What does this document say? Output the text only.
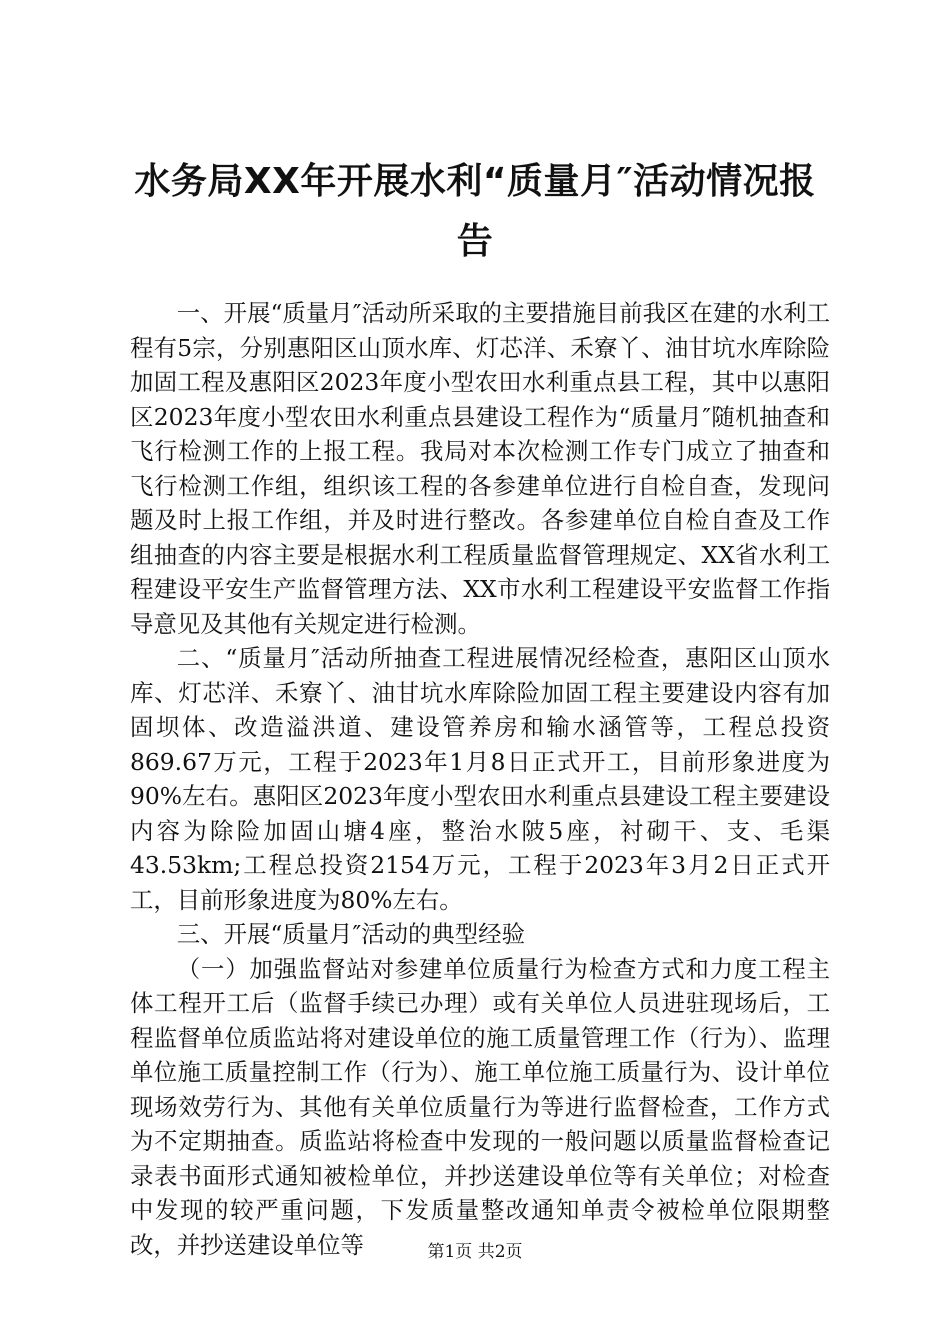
水务局XX年开展水利“质量月″活动情况报告

一、开展“质量月″活动所采取的主要措施目前我区在建的水利工程有5宗，分别惠阳区山顶水库、灯芯洋、禾寮丫、油甘坑水库除险加固工程及惠阳区2023年度小型农田水利重点县工程，其中以惠阳区2023年度小型农田水利重点县建设工程作为“质量月″随机抽查和飞行检测工作的上报工程。我局对本次检测工作专门成立了抽查和飞行检测工作组，组织该工程的各参建单位进行自检自查，发现问题及时上报工作组，并及时进行整改。各参建单位自检自查及工作组抽查的内容主要是根据水利工程质量监督管理规定、XX省水利工程建设平安生产监督管理方法、XX市水利工程建设平安监督工作指导意见及其他有关规定进行检测。

二、“质量月″活动所抽查工程进展情况经检查，惠阳区山顶水库、灯芯洋、禾寮丫、油甘坑水库除险加固工程主要建设内容有加固坝体、改造溢洪道、建设管养房和输水涵管等，工程总投资869.67万元，工程于2023年1月8日正式开工，目前形象进度为90%左右。惠阳区2023年度小型农田水利重点县建设工程主要建设内容为除险加固山塘4座，整治水陂5座，衬砌干、支、毛渠43.53km;工程总投资2154万元，工程于2023年3月2日正式开工，目前形象进度为80%左右。

三、开展“质量月″活动的典型经验

（一）加强监督站对参建单位质量行为检查方式和力度工程主体工程开工后（监督手续已办理）或有关单位人员进驻现场后，工程监督单位质监站将对建设单位的施工质量管理工作（行为）、监理单位施工质量控制工作（行为）、施工单位施工质量行为、设计单位现场效劳行为、其他有关单位质量行为等进行监督检查，工作方式为不定期抽查。质监站将检查中发现的一般问题以质量监督检查记录表书面形式通知被检单位，并抄送建设单位等有关单位；对检查中发现的较严重问题，下发质量整改通知单责令被检单位限期整改，并抄送建设单位等	第1页 共2页
